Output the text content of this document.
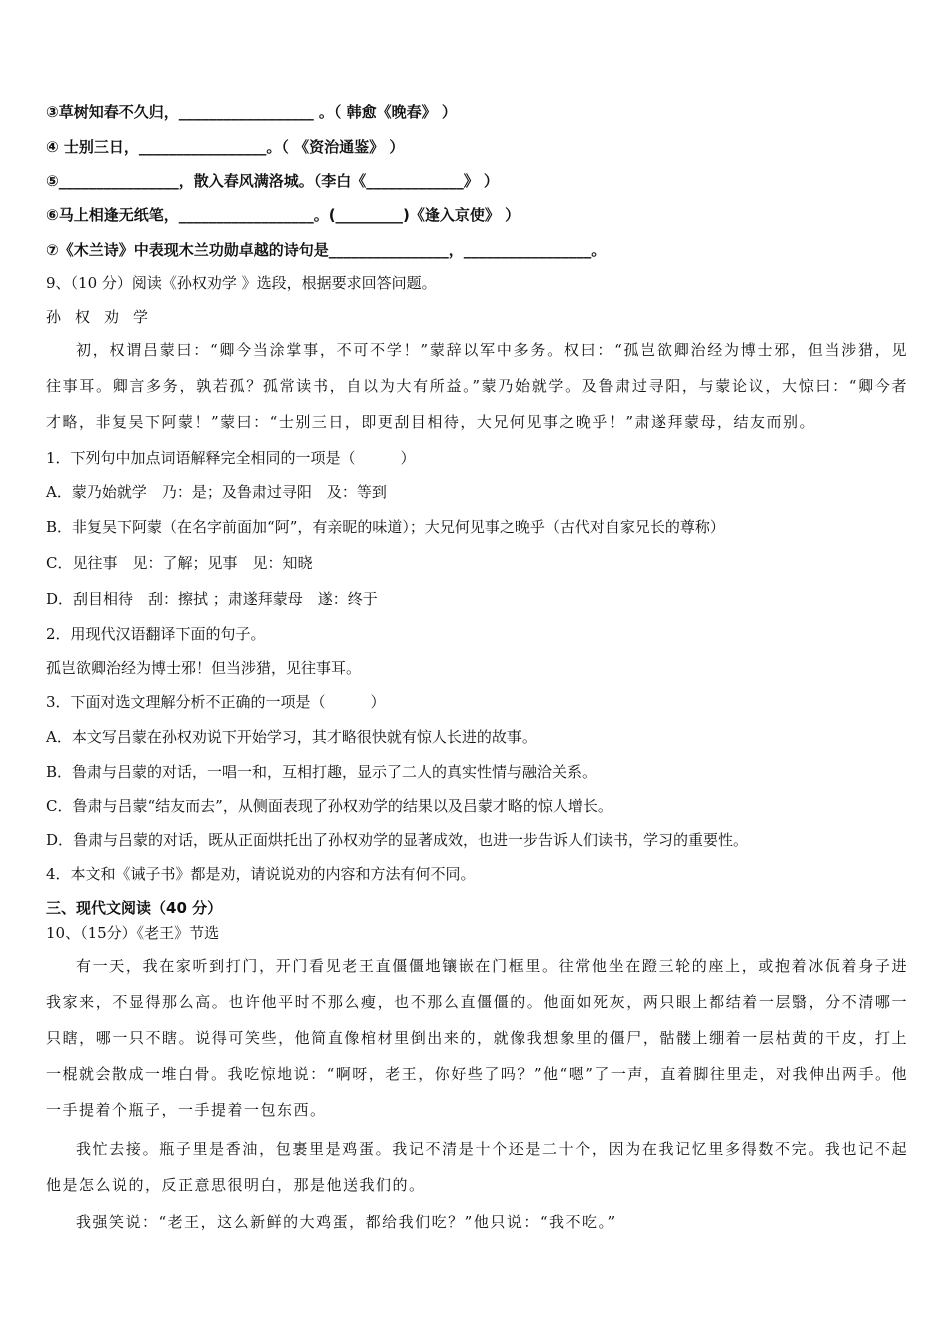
③草树知春不久归，__________________ 。（ 韩愈《晚春》 ）
④ 士别三日，_________________。（ 《资治通鉴》 ）
⑤________________，散入春风满洛城。（李白《_____________》 ）
⑥马上相逢无纸笔，__________________。(_________)《逢入京使》 ）
⑦《木兰诗》中表现木兰功勋卓越的诗句是________________，_________________。
9、（10 分）阅读《孙权劝学 》选段，根据要求回答问题。
孙权劝学
初，权谓吕蒙曰：“卿今当涂掌事，不可不学！”蒙辞以军中多务。权曰：“孤岂欲卿治经为博士邪，但当涉猎，见往事耳。卿言多务，孰若孤？孤常读书，自以为大有所益。”蒙乃始就学。及鲁肃过寻阳，与蒙论议，大惊曰：“卿今者才略，非复吴下阿蒙！”蒙曰：“士别三日，即更刮目相待，大兄何见事之晚乎！”肃遂拜蒙母，结友而别。
1．下列句中加点词语解释完全相同的一项是（　　　）
A．蒙乃始就学　乃：是；及鲁肃过寻阳　及：等到
B．非复吴下阿蒙（在名字前面加“阿”，有亲昵的味道）；大兄何见事之晚乎（古代对自家兄长的尊称）
C．见往事　见：了解；见事　见：知晓
D．刮目相待　刮：擦拭 ；肃遂拜蒙母　遂：终于
2．用现代汉语翻译下面的句子。
孤岂欲卿治经为博士邪！但当涉猎，见往事耳。
3．下面对选文理解分析不正确的一项是（　　　）
A．本文写吕蒙在孙权劝说下开始学习，其才略很快就有惊人长进的故事。
B．鲁肃与吕蒙的对话，一唱一和，互相打趣，显示了二人的真实性情与融洽关系。
C．鲁肃与吕蒙“结友而去”，从侧面表现了孙权劝学的结果以及吕蒙才略的惊人增长。
D．鲁肃与吕蒙的对话，既从正面烘托出了孙权劝学的显著成效，也进一步告诉人们读书，学习的重要性。
4．本文和《诫子书》都是劝，请说说劝的内容和方法有何不同。
三、现代文阅读（40 分）
10、（15分）《老王》节选
有一天，我在家听到打门，开门看见老王直僵僵地镶嵌在门框里。往常他坐在蹬三轮的座上，或抱着冰佤着身子进我家来，不显得那么高。也许他平时不那么瘦，也不那么直僵僵的。他面如死灰，两只眼上都结着一层翳，分不清哪一只瞎，哪一只不瞎。说得可笑些，他简直像棺材里倒出来的，就像我想象里的僵尸，骷髅上绷着一层枯黄的干皮，打上一棍就会散成一堆白骨。我吃惊地说：“啊呀，老王，你好些了吗？”他“嗯”了一声，直着脚往里走，对我伸出两手。他一手提着个瓶子，一手提着一包东西。
我忙去接。瓶子里是香油，包裹里是鸡蛋。我记不清是十个还是二十个，因为在我记忆里多得数不完。我也记不起他是怎么说的，反正意思很明白，那是他送我们的。
我强笑说：“老王，这么新鲜的大鸡蛋，都给我们吃？”他只说：“我不吃。”
